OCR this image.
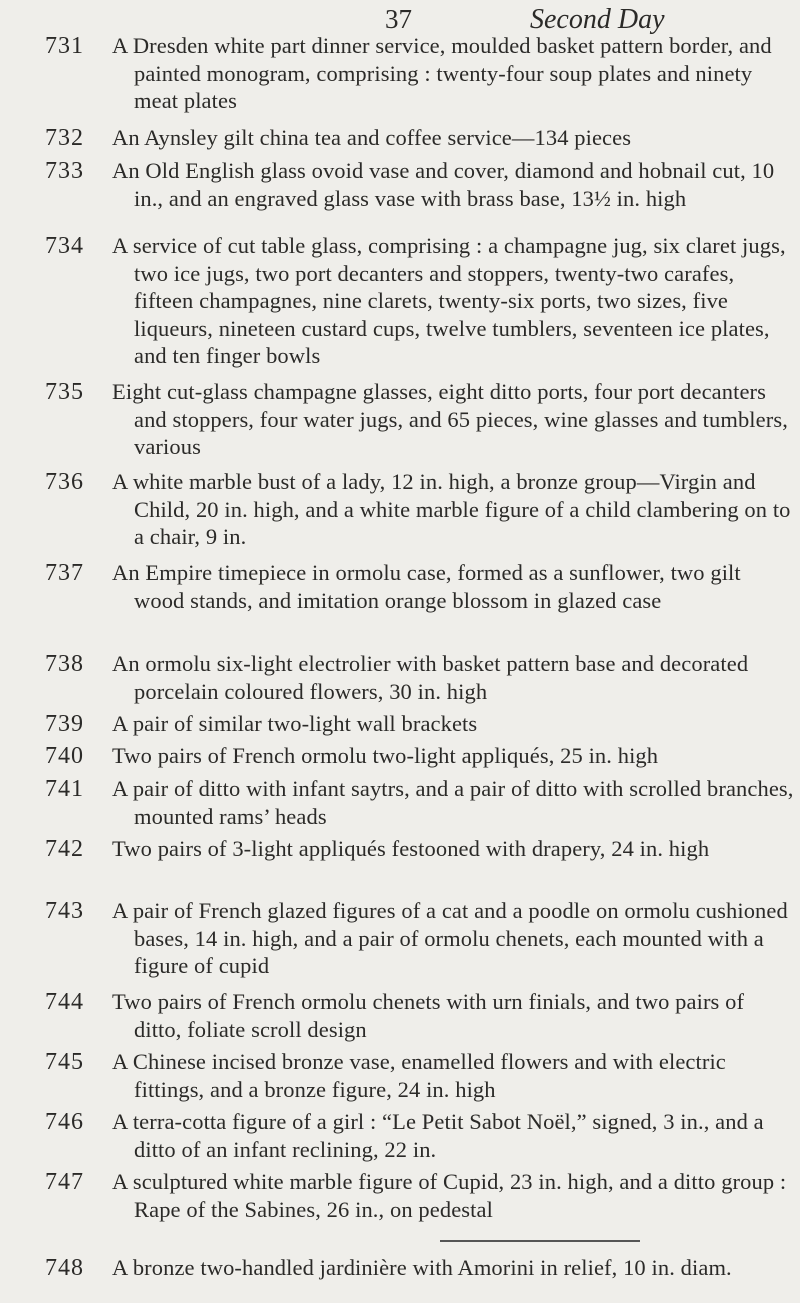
37	Second Day
731 A Dresden white part dinner service, moulded basket pattern border, and painted monogram, comprising : twenty-four soup plates and ninety meat plates
732 An Aynsley gilt china tea and coffee service—134 pieces
733 An Old English glass ovoid vase and cover, diamond and hobnail cut, 10 in., and an engraved glass vase with brass base, 13½ in. high
734 A service of cut table glass, comprising : a champagne jug, six claret jugs, two ice jugs, two port decanters and stoppers, twenty-two carafes, fifteen champagnes, nine clarets, twenty-six ports, two sizes, five liqueurs, nineteen custard cups, twelve tumblers, seventeen ice plates, and ten finger bowls
735 Eight cut-glass champagne glasses, eight ditto ports, four port decanters and stoppers, four water jugs, and 65 pieces, wine glasses and tumblers, various
736 A white marble bust of a lady, 12 in. high, a bronze group—Virgin and Child, 20 in. high, and a white marble figure of a child clambering on to a chair, 9 in.
737 An Empire timepiece in ormolu case, formed as a sunflower, two gilt wood stands, and imitation orange blossom in glazed case
738 An ormolu six-light electrolier with basket pattern base and decorated porcelain coloured flowers, 30 in. high
739 A pair of similar two-light wall brackets
740 Two pairs of French ormolu two-light appliqués, 25 in. high
741 A pair of ditto with infant saytrs, and a pair of ditto with scrolled branches, mounted rams’ heads
742 Two pairs of 3-light appliqués festooned with drapery, 24 in. high
743 A pair of French glazed figures of a cat and a poodle on ormolu cushioned bases, 14 in. high, and a pair of ormolu chenets, each mounted with a figure of cupid
744 Two pairs of French ormolu chenets with urn finials, and two pairs of ditto, foliate scroll design
745 A Chinese incised bronze vase, enamelled flowers and with electric fittings, and a bronze figure, 24 in. high
746 A terra-cotta figure of a girl : “Le Petit Sabot Noël,” signed, 3 in., and a ditto of an infant reclining, 22 in.
747 A sculptured white marble figure of Cupid, 23 in. high, and a ditto group : Rape of the Sabines, 26 in., on pedestal
748 A bronze two-handled jardinière with Amorini in relief, 10 in. diam.
